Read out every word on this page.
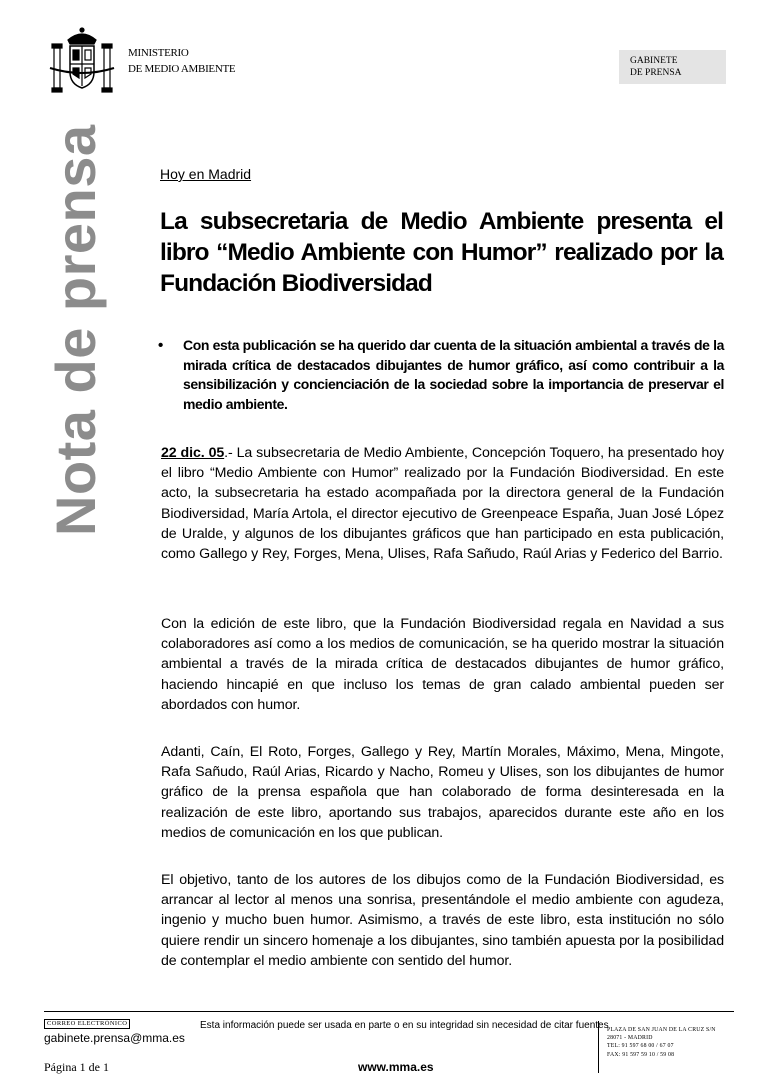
MINISTERIO
DE MEDIO AMBIENTE
GABINETE
DE PRENSA
Nota de prensa	Hoy en Madrid
La subsecretaria de Medio Ambiente presenta el libro “Medio Ambiente con Humor” realizado por la Fundación Biodiversidad
• Con esta publicación se ha querido dar cuenta de la situación ambiental a través de la mirada crítica de destacados dibujantes de humor gráfico, así como contribuir a la sensibilización y concienciación de la sociedad sobre la importancia de preservar el medio ambiente.
22 dic. 05.- La subsecretaria de Medio Ambiente, Concepción Toquero, ha presentado hoy el libro “Medio Ambiente con Humor” realizado por la Fundación Biodiversidad. En este acto, la subsecretaria ha estado acompañada por la directora general de la Fundación Biodiversidad, María Artola, el director ejecutivo de Greenpeace España, Juan José López de Uralde, y algunos de los dibujantes gráficos que han participado en esta publicación, como Gallego y Rey, Forges, Mena, Ulises, Rafa Sañudo, Raúl Arias y Federico del Barrio.
Con la edición de este libro, que la Fundación Biodiversidad regala en Navidad a sus colaboradores así como a los medios de comunicación, se ha querido mostrar la situación ambiental a través de la mirada crítica de destacados dibujantes de humor gráfico, haciendo hincapié en que incluso los temas de gran calado ambiental pueden ser abordados con humor.
Adanti, Caín, El Roto, Forges, Gallego y Rey, Martín Morales, Máximo, Mena, Mingote, Rafa Sañudo, Raúl Arias, Ricardo y Nacho, Romeu y Ulises, son los dibujantes de humor gráfico de la prensa española que han colaborado de forma desinteresada en la realización de este libro, aportando sus trabajos, aparecidos durante este año en los medios de comunicación en los que publican.
El objetivo, tanto de los autores de los dibujos como de la Fundación Biodiversidad, es arrancar al lector al menos una sonrisa, presentándole el medio ambiente con agudeza, ingenio y mucho buen humor. Asimismo, a través de este libro, esta institución no sólo quiere rendir un sincero homenaje a los dibujantes, sino también apuesta por la posibilidad de contemplar el medio ambiente con sentido del humor.
CORREO ELECTRÓNICO
gabinete.prensa@mma.es
Esta información puede ser usada en parte o en su integridad sin necesidad de citar fuentes
PLAZA DE SAN JUAN DE LA CRUZ S/N
28071 - MADRID
TEL: 91 597 68 00 / 67 07
FAX: 91 597 59 10 / 59 08
Página 1 de 1	www.mma.es
